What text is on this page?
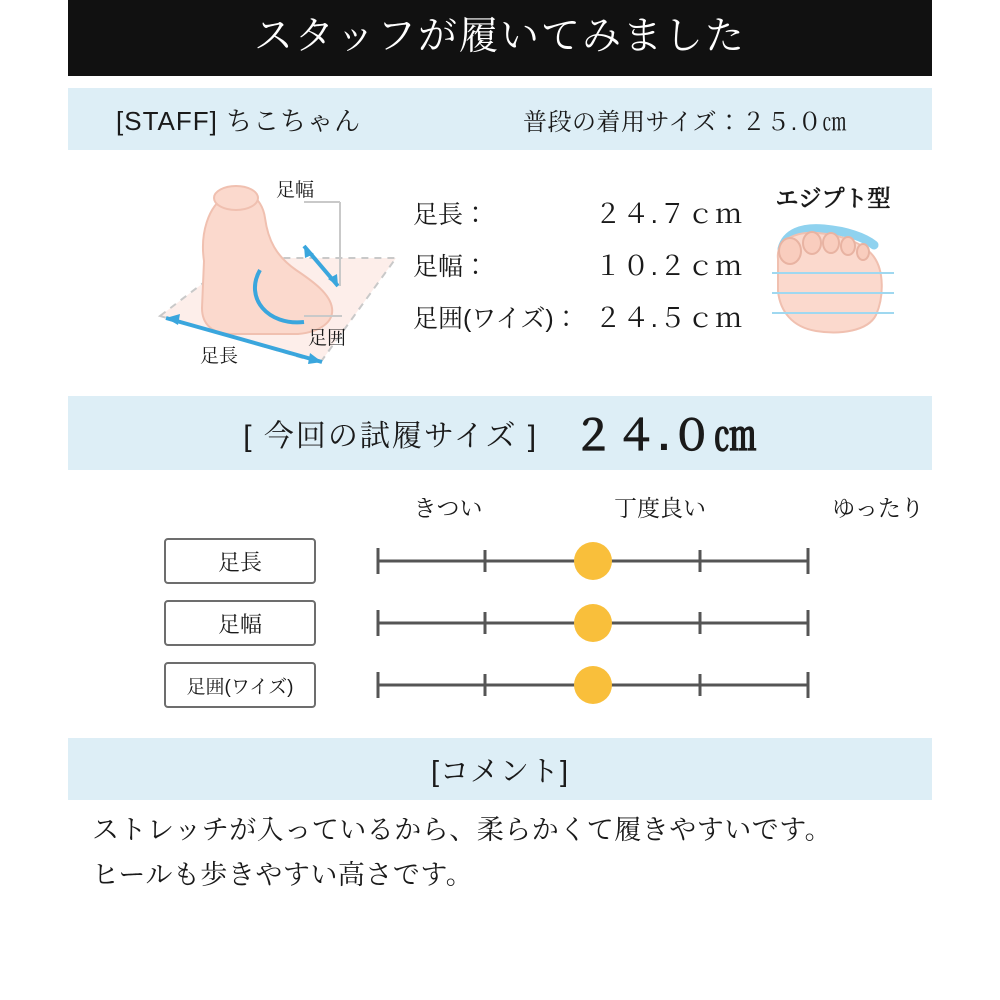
スタッフが履いてみました
[STAFF] ちこちゃん	普段の着用サイズ：２５.０㎝
足幅
足囲
足長
足長：	２４.７ｃｍ
足幅：	１０.２ｃｍ
足囲(ワイズ)： ２４.５ｃｍ
エジプト型
[ 今回の試履サイズ ] ２４.０㎝
きつい	丁度良い	ゆったり
足長
足幅
足囲(ワイズ)
[コメント]
ストレッチが入っているから、柔らかくて履きやすいです。
ヒールも歩きやすい高さです。
